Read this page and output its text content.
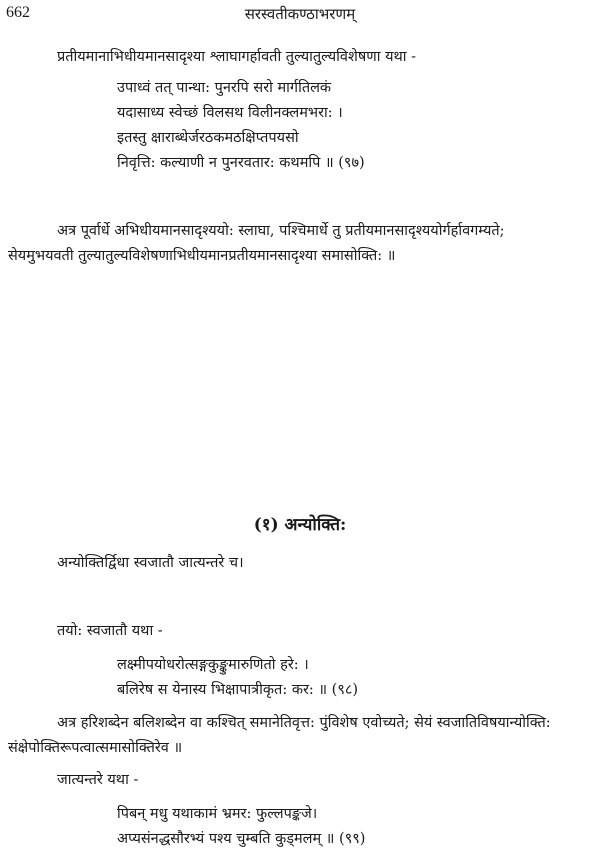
662	सरस्वतीकण्ठाभरणम्
प्रतीयमानाभिधीयमानसादृश्या श्लाघागर्हावती तुल्यातुल्यविशेषणा यथा -
उपाध्वं तत् पान्था: पुनरपि सरो मार्गतिलकं
यदासाध्य स्वेच्छं विलसथ विलीनक्लमभरा: ।
इतस्तु क्षाराब्धेर्जरठकमठक्षिप्तपयसो
निवृत्ति: कल्याणी न पुनरवतार: कथमपि ॥ (९७)
अत्र पूर्वार्धे अभिधीयमानसादृश्ययो: स्लाघा, पश्चिमार्धे तु प्रतीयमानसादृश्ययोर्गर्हावगम्यते;
सेयमुभयवती तुल्यातुल्यविशेषणाभिधीयमानप्रतीयमानसादृश्या समासोक्ति: ॥
(१) अन्योक्ति:
अन्योक्तिर्द्विधा स्वजातौ जात्यन्तरे च।
तयो: स्वजातौ यथा -
लक्ष्मीपयोधरोत्सङ्गकुङ्कुमारुणितो हरे: ।
बलिरेष स येनास्य भिक्षापात्रीकृत: कर: ॥ (९८)
अत्र हरिशब्देन बलिशब्देन वा कश्चित् समानेतिवृत्त: पुंविशेष एवोच्यते; सेयं स्वजातिविषयान्योक्ति:
संक्षेपोक्तिरूपत्वात्समासोक्तिरेव ॥
जात्यन्तरे यथा -
पिबन् मधु यथाकामं भ्रमर: फुल्लपङ्कजे।
अप्यसंनद्धसौरभ्यं पश्य चुम्बति कुड्मलम् ॥ (९९)
